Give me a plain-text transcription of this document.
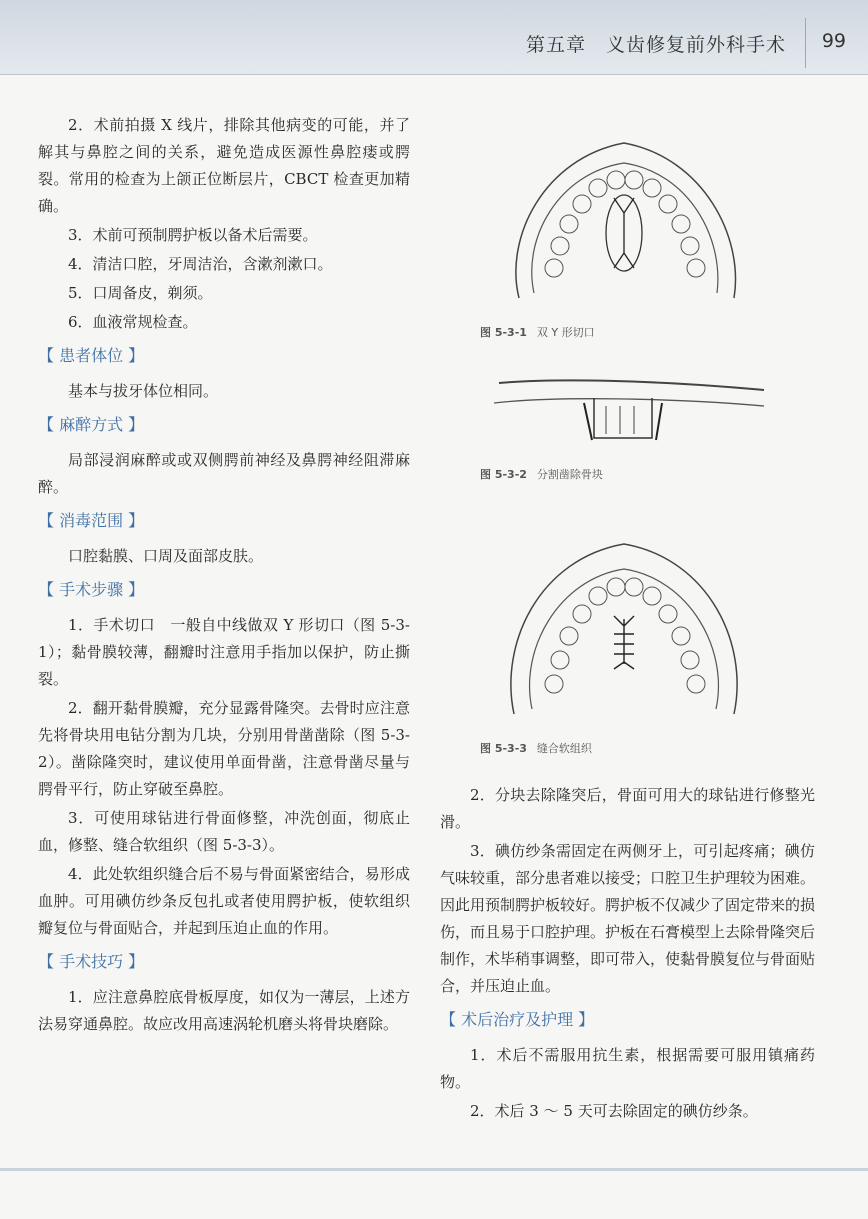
第五章　义齿修复前外科手术 99

2．术前拍摄 X 线片，排除其他病变的可能，并了解其与鼻腔之间的关系，避免造成医源性鼻腔瘘或腭裂。常用的检查为上颌正位断层片，CBCT 检查更加精确。

3．术前可预制腭护板以备术后需要。

4．清洁口腔，牙周洁治，含漱剂漱口。

5．口周备皮，剃须。

6．血液常规检查。

【 患者体位 】

基本与拔牙体位相同。

【 麻醉方式 】

局部浸润麻醉或或双侧腭前神经及鼻腭神经阻滞麻醉。

【 消毒范围 】

口腔黏膜、口周及面部皮肤。

【 手术步骤 】

1．手术切口　一般自中线做双 Y 形切口（图 5-3-1）；黏骨膜较薄，翻瓣时注意用手指加以保护，防止撕裂。

2．翻开黏骨膜瓣，充分显露骨隆突。去骨时应注意先将骨块用电钻分割为几块，分别用骨凿凿除（图 5-3-2）。凿除隆突时，建议使用单面骨凿，注意骨凿尽量与腭骨平行，防止穿破至鼻腔。

3．可使用球钻进行骨面修整，冲洗创面，彻底止血，修整、缝合软组织（图 5-3-3）。

4．此处软组织缝合后不易与骨面紧密结合，易形成血肿。可用碘仿纱条反包扎或者使用腭护板，使软组织瓣复位与骨面贴合，并起到压迫止血的作用。

【 手术技巧 】

1．应注意鼻腔底骨板厚度，如仅为一薄层，上述方法易穿通鼻腔。故应改用高速涡轮机磨头将骨块磨除。

图 5-3-1 双 Y 形切口
图 5-3-2 分割凿除骨块
图 5-3-3 缝合软组织

2．分块去除隆突后，骨面可用大的球钻进行修整光滑。

3．碘仿纱条需固定在两侧牙上，可引起疼痛；碘仿气味较重，部分患者难以接受；口腔卫生护理较为困难。因此用预制腭护板较好。腭护板不仅减少了固定带来的损伤，而且易于口腔护理。护板在石膏模型上去除骨隆突后制作，术毕稍事调整，即可带入，使黏骨膜复位与骨面贴合，并压迫止血。

【 术后治疗及护理 】

1．术后不需服用抗生素，根据需要可服用镇痛药物。

2．术后 3 ～ 5 天可去除固定的碘仿纱条。
